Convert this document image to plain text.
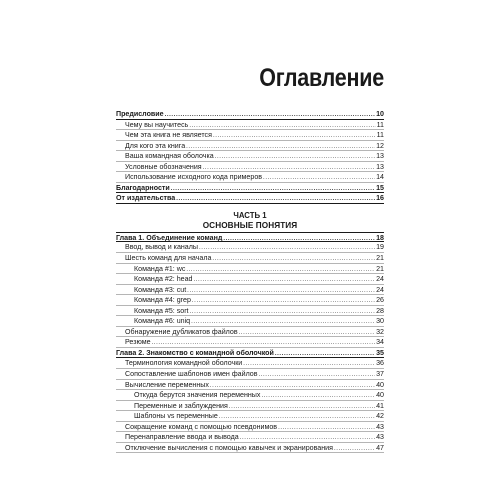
Оглавление
Предисловие .....	10
Чему вы научитесь .....	11
Чем эта книга не является .....	11
Для кого эта книга .....	12
Ваша командная оболочка .....	13
Условные обозначения .....	13
Использование исходного кода примеров .....	14
Благодарности .....	15
От издательства .....	16
ЧАСТЬ 1
ОСНОВНЫЕ ПОНЯТИЯ
Глава 1. Объединение команд .....	18
Ввод, вывод и каналы .....	19
Шесть команд для начала .....	21
Команда #1: wc .....	21
Команда #2: head .....	24
Команда #3: cut .....	24
Команда #4: grep .....	26
Команда #5: sort .....	28
Команда #6: uniq .....	30
Обнаружение дубликатов файлов .....	32
Резюме .....	34
Глава 2. Знакомство с командной оболочкой .....	35
Терминология командной оболочки .....	36
Сопоставление шаблонов имен файлов .....	37
Вычисление переменных .....	40
Откуда берутся значения переменных .....	40
Переменные и заблуждения .....	41
Шаблоны vs переменные .....	42
Сокращение команд с помощью псевдонимов .....	43
Перенаправление ввода и вывода .....	43
Отключение вычисления с помощью кавычек и экранирования .....	47
